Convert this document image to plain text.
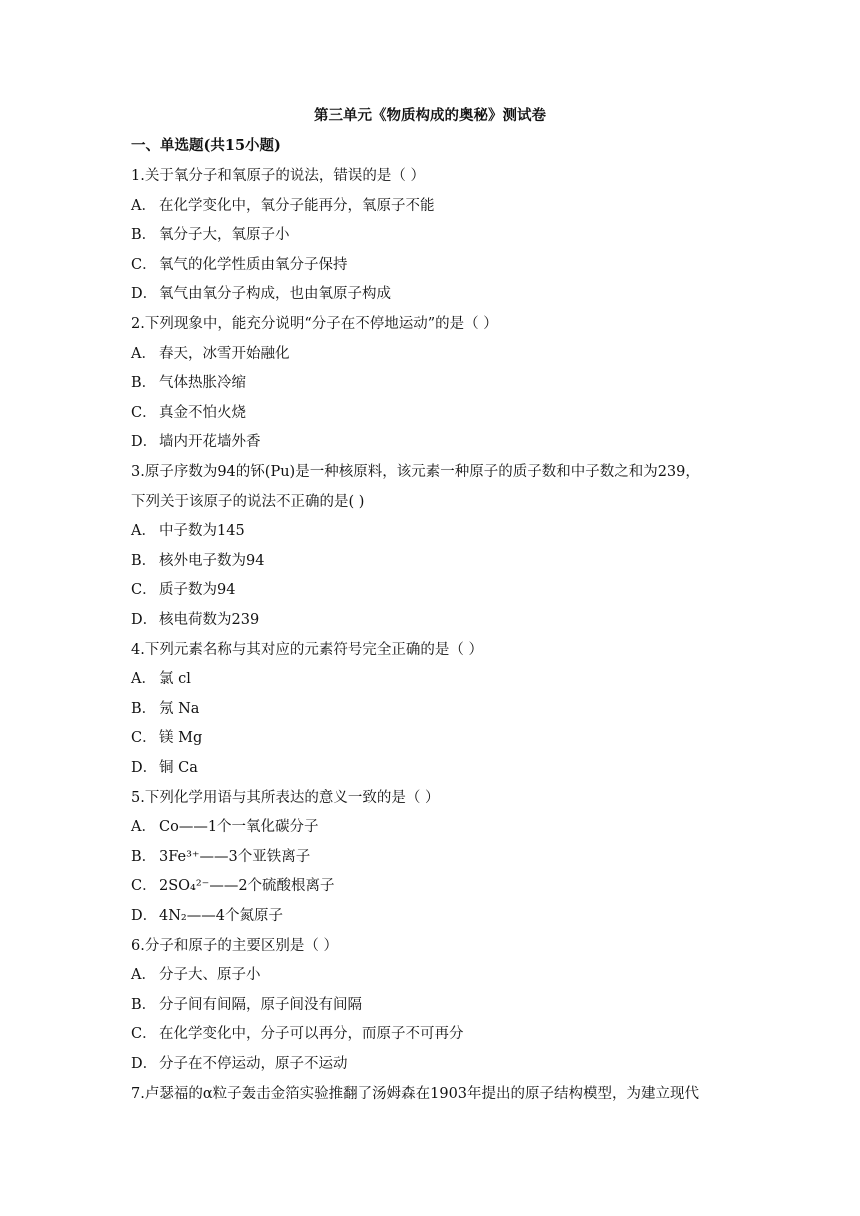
第三单元《物质构成的奥秘》测试卷
一、单选题(共15小题)
1.关于氧分子和氧原子的说法，错误的是（ ）
A． 在化学变化中，氧分子能再分，氧原子不能
B． 氧分子大，氧原子小
C． 氧气的化学性质由氧分子保持
D． 氧气由氧分子构成，也由氧原子构成
2.下列现象中，能充分说明“分子在不停地运动”的是（ ）
A． 春天，冰雪开始融化
B． 气体热胀冷缩
C． 真金不怕火烧
D． 墙内开花墙外香
3.原子序数为94的钚(Pu)是一种核原料，该元素一种原子的质子数和中子数之和为239，
下列关于该原子的说法不正确的是( )
A． 中子数为145
B． 核外电子数为94
C． 质子数为94
D． 核电荷数为239
4.下列元素名称与其对应的元素符号完全正确的是（ ）
A． 氯 cl
B． 氖 Na
C． 镁 Mg
D． 铜 Ca
5.下列化学用语与其所表达的意义一致的是（ ）
A． Co——1个一氧化碳分子
B． 3Fe³⁺——3个亚铁离子
C． 2SO₄²⁻——2个硫酸根离子
D． 4N₂——4个氮原子
6.分子和原子的主要区别是（ ）
A． 分子大、原子小
B． 分子间有间隔，原子间没有间隔
C． 在化学变化中，分子可以再分，而原子不可再分
D． 分子在不停运动，原子不运动
7.卢瑟福的α粒子轰击金箔实验推翻了汤姆森在1903年提出的原子结构模型，为建立现代
